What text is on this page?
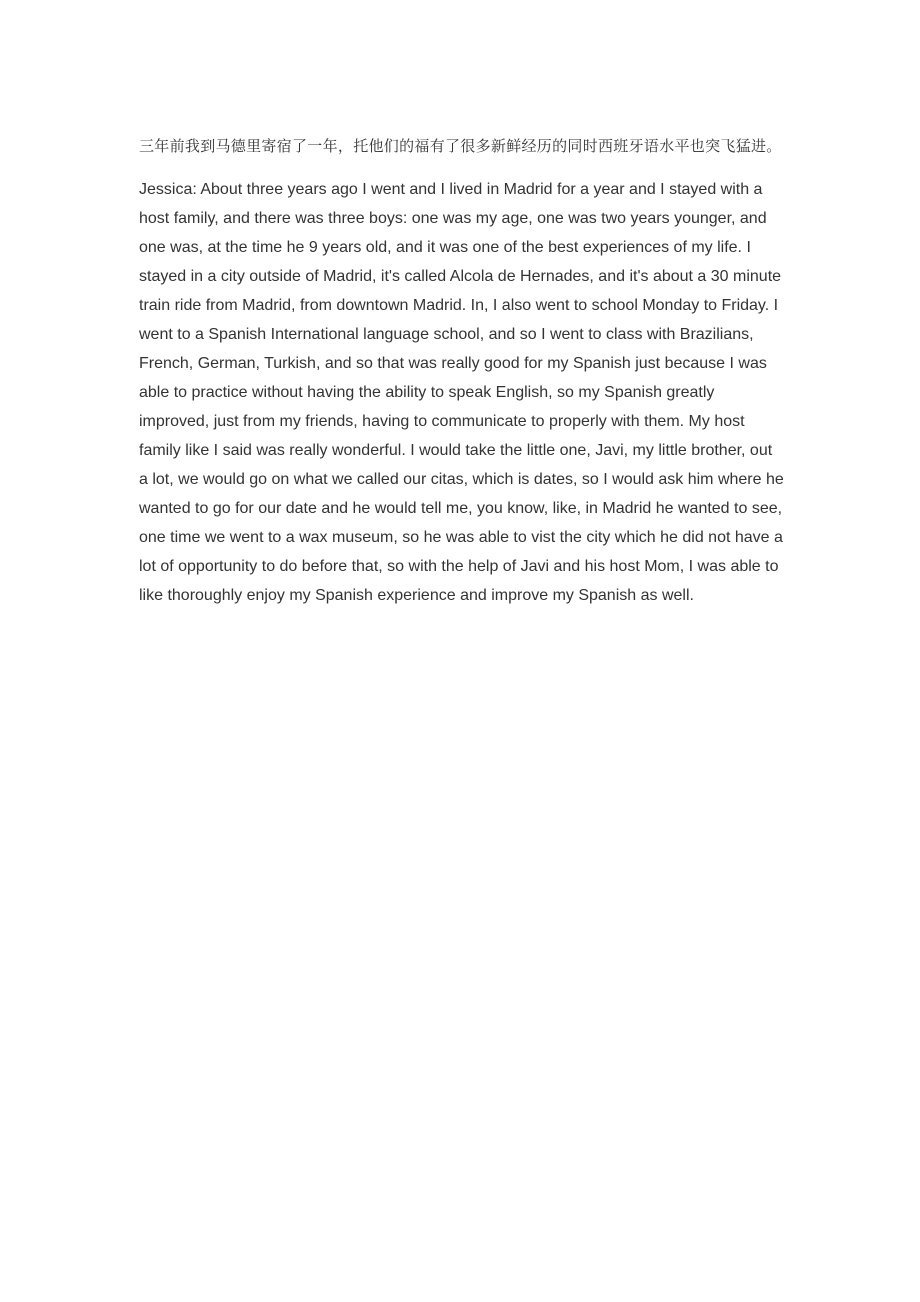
三年前我到马德里寄宿了一年，托他们的福有了很多新鲜经历的同时西班牙语水平也突飞猛进。

Jessica: About three years ago I went and I lived in Madrid for a year and I stayed with a host family, and there was three boys: one was my age, one was two years younger, and one was, at the time he 9 years old, and it was one of the best experiences of my life. I stayed in a city outside of Madrid, it's called Alcola de Hernades, and it's about a 30 minute train ride from Madrid, from downtown Madrid. In, I also went to school Monday to Friday. I went to a Spanish International language school, and so I went to class with Brazilians, French, German, Turkish, and so that was really good for my Spanish just because I was able to practice without having the ability to speak English, so my Spanish greatly improved, just from my friends, having to communicate to properly with them. My host family like I said was really wonderful. I would take the little one, Javi, my little brother, out a lot, we would go on what we called our citas, which is dates, so I would ask him where he wanted to go for our date and he would tell me, you know, like, in Madrid he wanted to see, one time we went to a wax museum, so he was able to vist the city which he did not have a lot of opportunity to do before that, so with the help of Javi and his host Mom, I was able to like thoroughly enjoy my Spanish experience and improve my Spanish as well.
